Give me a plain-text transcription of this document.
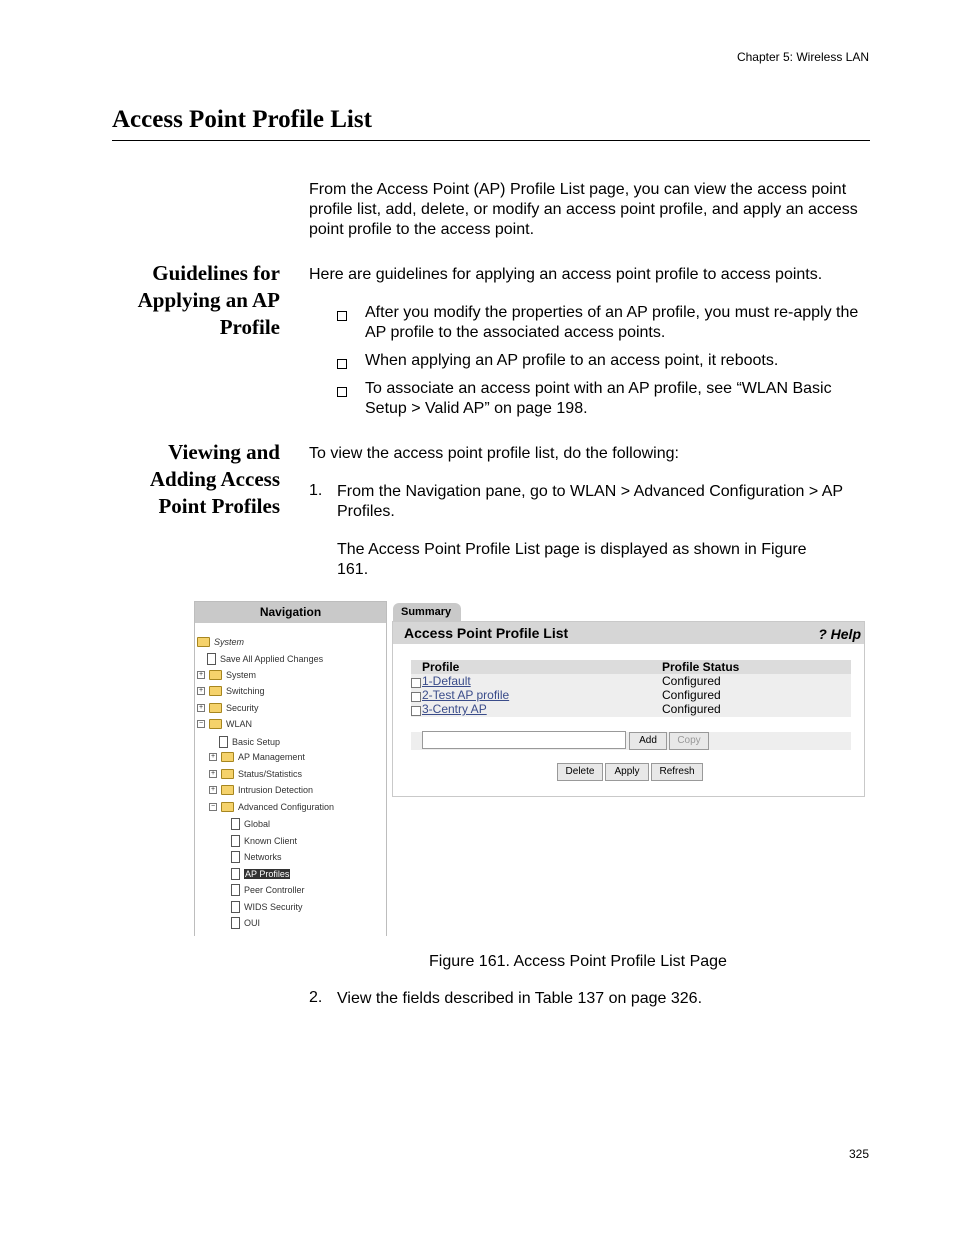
Chapter 5: Wireless LAN
Access Point Profile List
From the Access Point (AP) Profile List page, you can view the access point profile list, add, delete, or modify an access point profile, and apply an access point profile to the access point.
Guidelines for
Applying an AP
Profile
Here are guidelines for applying an access point profile to access points.
After you modify the properties of an AP profile, you must re-apply the AP profile to the associated access points.
When applying an AP profile to an access point, it reboots.
To associate an access point with an AP profile, see “WLAN Basic Setup > Valid AP” on page 198.
Viewing and
Adding Access
Point Profiles
To view the access point profile list, do the following:
1. From the Navigation pane, go to WLAN > Advanced Configuration > AP Profiles.
The Access Point Profile List page is displayed as shown in Figure 161.
Navigation
System
Save All Applied Changes
+	System
+	Switching
+	Security
−	WLAN
Basic Setup
+	AP Management
+	Status/Statistics
+	Intrusion Detection
−	Advanced Configuration
Global
Known Client
Networks
AP Profiles
Peer Controller
WIDS Security
OUI
Summary
Access Point Profile List	? Help
Profile	Profile Status
1-Default	Configured
2-Test AP profile	Configured
3-Centry AP	Configured
Add	Copy
Delete	Apply	Refresh
Figure 161. Access Point Profile List Page
2. View the fields described in Table 137 on page 326.
325
